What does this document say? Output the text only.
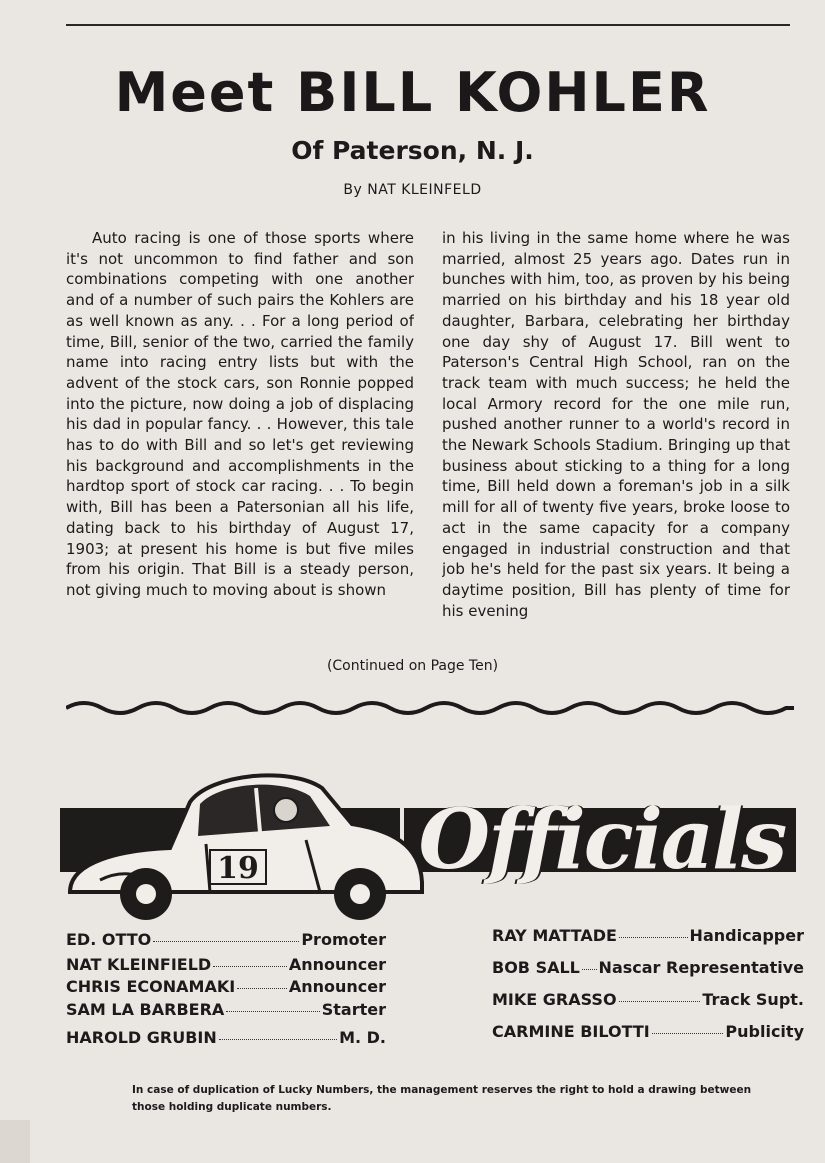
Meet BILL KOHLER
Of Paterson, N. J.
By NAT KLEINFELD
Auto racing is one of those sports where it's not uncommon to find father and son combinations competing with one another and of a number of such pairs the Kohlers are as well known as any. . . For a long period of time, Bill, senior of the two, carried the family name into racing entry lists but with the advent of the stock cars, son Ronnie popped into the picture, now doing a job of displacing his dad in popular fancy. . . However, this tale has to do with Bill and so let's get reviewing his background and accomplishments in the hardtop sport of stock car racing. . . To begin with, Bill has been a Patersonian all his life, dating back to his birthday of August 17, 1903; at present his home is but five miles from his origin. That Bill is a steady person, not giving much to moving about is shown
in his living in the same home where he was married, almost 25 years ago. Dates run in bunches with him, too, as proven by his being married on his birthday and his 18 year old daughter, Barbara, celebrating her birthday one day shy of August 17. Bill went to Paterson's Central High School, ran on the track team with much success; he held the local Armory record for the one mile run, pushed another runner to a world's record in the Newark Schools Stadium. Bringing up that business about sticking to a thing for a long time, Bill held down a foreman's job in a silk mill for all of twenty five years, broke loose to act in the same capacity for a company engaged in industrial construction and that job he's held for the past six years. It being a daytime position, Bill has plenty of time for his evening
(Continued on Page Ten)
19 Officials
ED. OTTO	Promoter
NAT KLEINFIELD	Announcer
CHRIS ECONAMAKI	Announcer
SAM LA BARBERA	Starter
HAROLD GRUBIN	M. D.
RAY MATTADE	Handicapper
BOB SALL Nascar Representative
MIKE GRASSO	Track Supt.
CARMINE BILOTTI	Publicity
In case of duplication of Lucky Numbers, the management reserves the right to hold a drawing between those holding duplicate numbers.
